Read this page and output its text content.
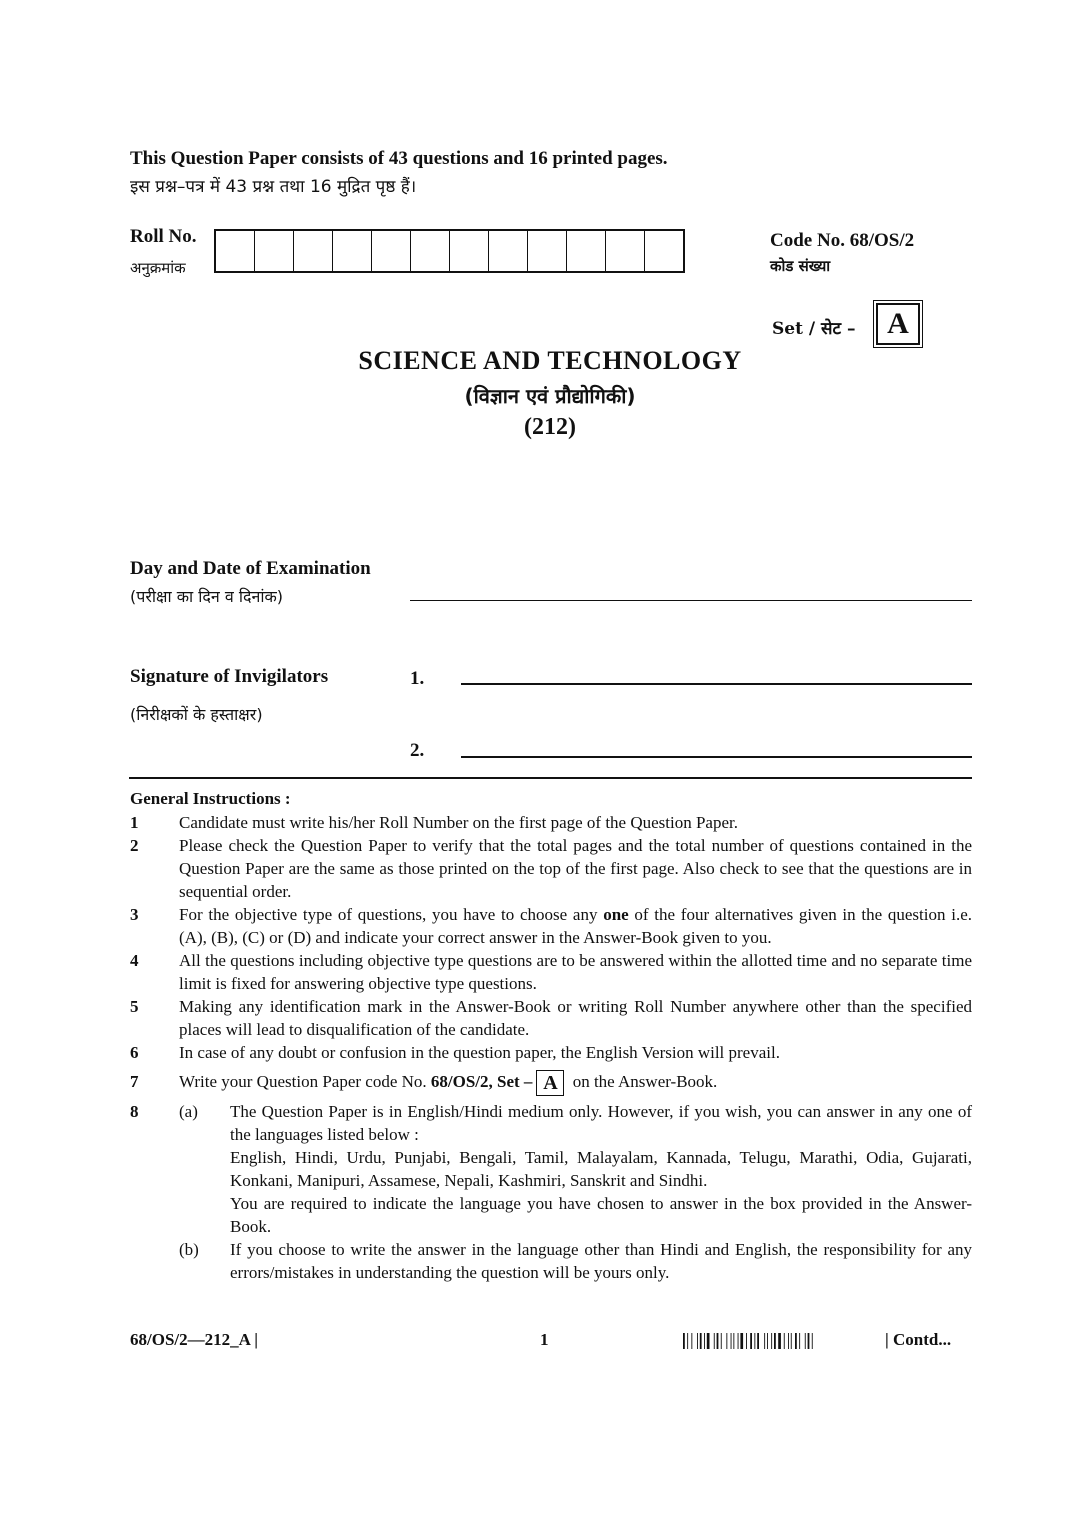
This Question Paper consists of 43 questions and 16 printed pages.
इस प्रश्न–पत्र में 43 प्रश्न तथा 16 मुद्रित पृष्ठ हैं।
Roll No.
अनुक्रमांक
Code No. 68/OS/2
कोड संख्या
Set / सेट –	A
SCIENCE AND TECHNOLOGY
(विज्ञान एवं प्रौद्योगिकी)
(212)
Day and Date of Examination
(परीक्षा का दिन व दिनांक)
Signature of Invigilators
(निरीक्षकों के हस्ताक्षर)
1.
2.
General Instructions :
1	Candidate must write his/her Roll Number on the first page of the Question Paper.
2	Please check the Question Paper to verify that the total pages and the total number of questions contained in the Question Paper are the same as those printed on the top of the first page. Also check to see that the questions are in sequential order.
3	For the objective type of questions, you have to choose any one of the four alternatives given in the question i.e. (A), (B), (C) or (D) and indicate your correct answer in the Answer-Book given to you.
4	All the questions including objective type questions are to be answered within the allotted time and no separate time limit is fixed for answering objective type questions.
5	Making any identification mark in the Answer-Book or writing Roll Number anywhere other than the specified places will lead to disqualification of the candidate.
6	In case of any doubt or confusion in the question paper, the English Version will prevail.
7	Write your Question Paper code No. 68/OS/2, Set – A on the Answer-Book.
8	(a)	The Question Paper is in English/Hindi medium only. However, if you wish, you can answer in any one of the languages listed below :

English, Hindi, Urdu, Punjabi, Bengali, Tamil, Malayalam, Kannada, Telugu, Marathi, Odia, Gujarati, Konkani, Manipuri, Assamese, Nepali, Kashmiri, Sanskrit and Sindhi.

You are required to indicate the language you have chosen to answer in the box provided in the Answer-Book.

(b)	If you choose to write the answer in the language other than Hindi and English, the responsibility for any errors/mistakes in understanding the question will be yours only.
68/OS/2—212_A |	1	| Contd...
